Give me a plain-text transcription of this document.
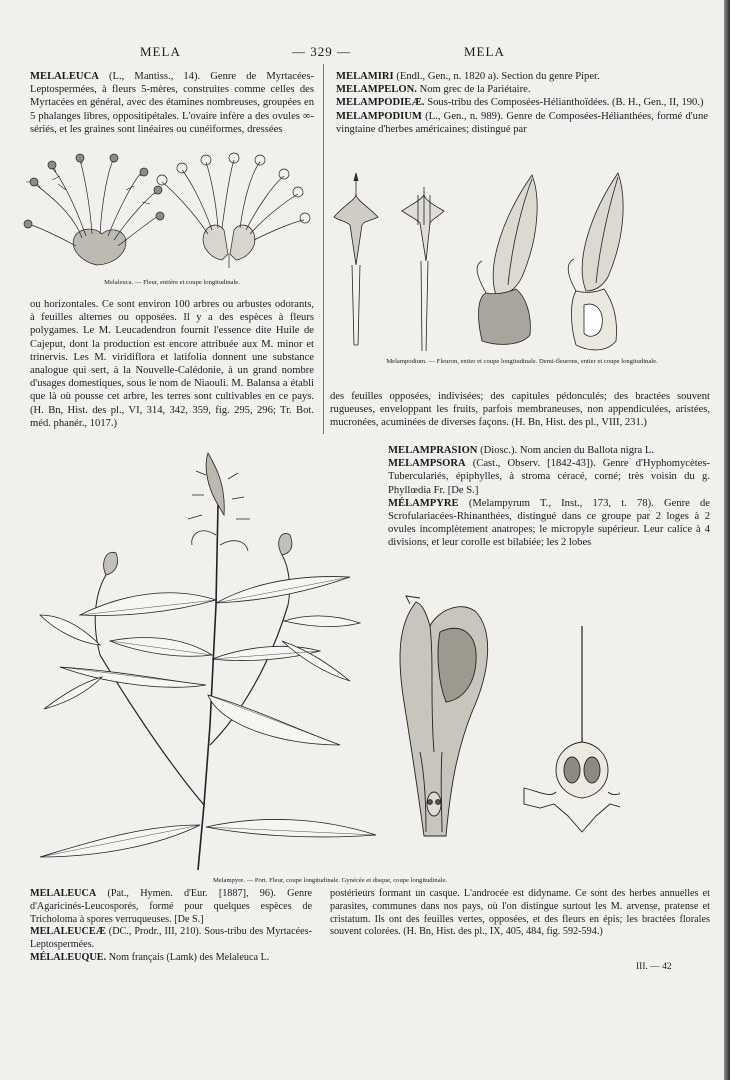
MELA	— 329 —	MELA

MELALEUCA (L., Mantiss., 14). Genre de Myrtacées-Leptospermées, à fleurs 5-mères, construites comme celles des Myrtacées en général, avec des étamines nombreuses, groupées en 5 phalanges libres, oppositipétales. L'ovaire infère a des ovules ∞-sériés, et les graines sont linéaires ou cunéiformes, dressées

Melaleuca. — Fleur, entière et coupe longitudinale.

ou horizontales. Ce sont environ 100 arbres ou arbustes odorants, à feuilles alternes ou opposées. Il y a des espèces à fleurs polygames. Le M. Leucadendron fournit l'essence dite Huile de Cajeput, dont la production est encore attribuée aux M. minor et trinervis. Les M. viridiflora et latifolia donnent une substance analogue qui sert, à la Nouvelle-Calédonie, à un grand nombre d'usages domestiques, sous le nom de Niaouli. M. Balansa a établi que là où pousse cet arbre, les terres sont cultivables en ce pays. (H. Bn, Hist. des pl., VI, 314, 342, 359, fig. 295, 296; Tr. Bot. méd. phanér., 1017.)

MELAMIRI (Endl., Gen., n. 1820 a). Section du genre Piper.

MELAMPELON. Nom grec de la Pariétaire.

MELAMPODIEÆ. Sous-tribu des Composées-Hélianthoïdées. (B. H., Gen., II, 190.)

MELAMPODIUM (L., Gen., n. 989). Genre de Composées-Hélianthées, formé d'une vingtaine d'herbes américaines; distingué par

Melampodium. — Fleuron, entier et coupe longitudinale. Demi-fleurons, entier et coupe longitudinale.

des feuilles opposées, indivisées; des capitules pédonculés; des bractées souvent rugueuses, enveloppant les fruits, parfois membraneuses, non appendiculées, aristées, mucronées, acuminées de diverses façons. (H. Bn, Hist. des pl., VIII, 231.)

MELAMPRASION (Diosc.). Nom ancien du Ballota nigra L.

MELAMPSORA (Cast., Observ. [1842-43]). Genre d'Hyphomycètes-Tuberculariés, épiphylles, à stroma céracé, corné; très voisin du g. Phyllœdia Fr. [De S.]

MÉLAMPYRE (Melampyrum T., Inst., 173, t. 78). Genre de Scrofulariacées-Rhinanthées, distingué dans ce groupe par 2 loges à 2 ovules incomplètement anatropes; le micropyle supérieur. Leur calice à 4 divisions, et leur corolle est bilabiée; les 2 lobes

Melampyre. — Port. Fleur, coupe longitudinale. Gynécée et disque, coupe longitudinale.

MELALEUCA (Pat., Hymen. d'Eur. [1887], 96). Genre d'Agaricinés-Leucosporés, formé pour quelques espèces de Tricholoma à spores verruqueuses. [De S.]

MELALEUCEÆ (DC., Prodr., III, 210). Sous-tribu des Myrtacées-Leptospermées.

MÉLALEUQUE. Nom français (Lamk) des Melaleuca L.

postérieurs formant un casque. L'androcée est didyname. Ce sont des herbes annuelles et parasites, communes dans nos pays, où l'on distingue surtout les M. arvense, pratense et cristatum. Ils ont des feuilles vertes, opposées, et des fleurs en épis; les bractées florales souvent colorées. (H. Bn, Hist. des pl., IX, 405, 484, fig. 592-594.)

III. — 42
